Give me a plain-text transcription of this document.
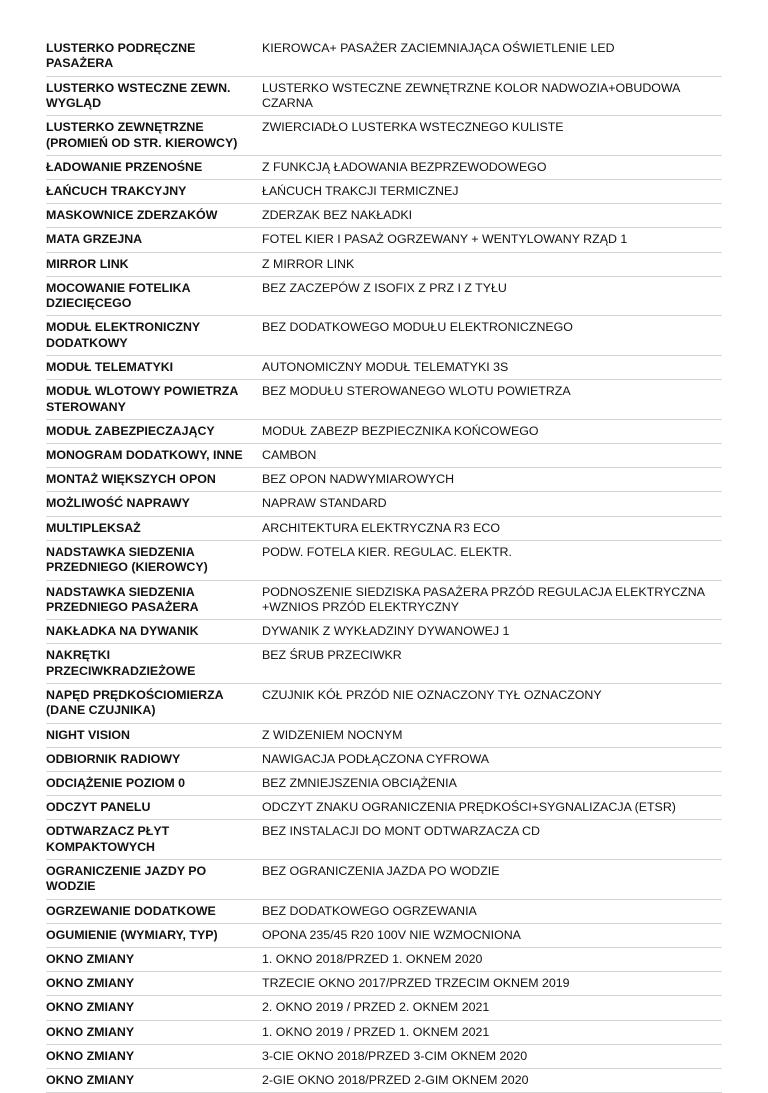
LUSTERKO PODRĘCZNE PASAŻERA	KIEROWCA+ PASAŻER ZACIEMNIAJĄCA OŚWIETLENIE LED
LUSTERKO WSTECZNE ZEWN. WYGLĄD	LUSTERKO WSTECZNE ZEWNĘTRZNE KOLOR NADWOZIA+OBUDOWA CZARNA
LUSTERKO ZEWNĘTRZNE (PROMIEŃ OD STR. KIEROWCY)	ZWIERCIADŁO LUSTERKA WSTECZNEGO KULISTE
ŁADOWANIE PRZENOŚNE	Z FUNKCJĄ ŁADOWANIA BEZPRZEWODOWEGO
ŁAŃCUCH TRAKCYJNY	ŁAŃCUCH TRAKCJI TERMICZNEJ
MASKOWNICE ZDERZAKÓW	ZDERZAK BEZ NAKŁADKI
MATA GRZEJNA	FOTEL KIER I PASAŻ OGRZEWANY + WENTYLOWANY RZĄD 1
MIRROR LINK	Z MIRROR LINK
MOCOWANIE FOTELIKA DZIECIĘCEGO	BEZ ZACZEPÓW Z ISOFIX Z PRZ I Z TYŁU
MODUŁ ELEKTRONICZNY DODATKOWY	BEZ DODATKOWEGO MODUŁU ELEKTRONICZNEGO
MODUŁ TELEMATYKI	AUTONOMICZNY MODUŁ TELEMATYKI 3S
MODUŁ WLOTOWY POWIETRZA STEROWANY	BEZ MODUŁU STEROWANEGO WLOTU POWIETRZA
MODUŁ ZABEZPIECZAJĄCY	MODUŁ ZABEZP BEZPIECZNIKA KOŃCOWEGO
MONOGRAM DODATKOWY, INNE	CAMBON
MONTAŻ WIĘKSZYCH OPON	BEZ OPON NADWYMIAROWYCH
MOŻLIWOŚĆ NAPRAWY	NAPRAW STANDARD
MULTIPLEKSAŻ	ARCHITEKTURA ELEKTRYCZNA R3 ECO
NADSTAWKA SIEDZENIA PRZEDNIEGO (KIEROWCY)	PODW. FOTELA KIER. REGULAC. ELEKTR.
NADSTAWKA SIEDZENIA PRZEDNIEGO PASAŻERA	PODNOSZENIE SIEDZISKA PASAŻERA PRZÓD REGULACJA ELEKTRYCZNA +WZNIOS PRZÓD ELEKTRYCZNY
NAKŁADKA NA DYWANIK	DYWANIK Z WYKŁADZINY DYWANOWEJ 1
NAKRĘTKI PRZECIWKRADZIEŻOWE	BEZ ŚRUB PRZECIWKR
NAPĘD PRĘDKOŚCIOMIERZA (DANE CZUJNIKA)	CZUJNIK KÓŁ PRZÓD NIE OZNACZONY TYŁ OZNACZONY
NIGHT VISION	Z WIDZENIEM NOCNYM
ODBIORNIK RADIOWY	NAWIGACJA PODŁĄCZONA CYFROWA
ODCIĄŻENIE POZIOM 0	BEZ ZMNIEJSZENIA OBCIĄŻENIA
ODCZYT PANELU	ODCZYT ZNAKU OGRANICZENIA PRĘDKOŚCI+SYGNALIZACJA (ETSR)
ODTWARZACZ PŁYT KOMPAKTOWYCH	BEZ INSTALACJI DO MONT ODTWARZACZA CD
OGRANICZENIE JAZDY PO WODZIE	BEZ OGRANICZENIA JAZDA PO WODZIE
OGRZEWANIE DODATKOWE	BEZ DODATKOWEGO OGRZEWANIA
OGUMIENIE (WYMIARY, TYP)	OPONA 235/45 R20 100V NIE WZMOCNIONA
OKNO ZMIANY	1. OKNO 2018/PRZED 1. OKNEM 2020
OKNO ZMIANY	TRZECIE OKNO 2017/PRZED TRZECIM OKNEM 2019
OKNO ZMIANY	2. OKNO 2019 / PRZED 2. OKNEM 2021
OKNO ZMIANY	1. OKNO 2019 / PRZED 1. OKNEM 2021
OKNO ZMIANY	3-CIE OKNO 2018/PRZED 3-CIM OKNEM 2020
OKNO ZMIANY	2-GIE OKNO 2018/PRZED 2-GIM OKNEM 2020
